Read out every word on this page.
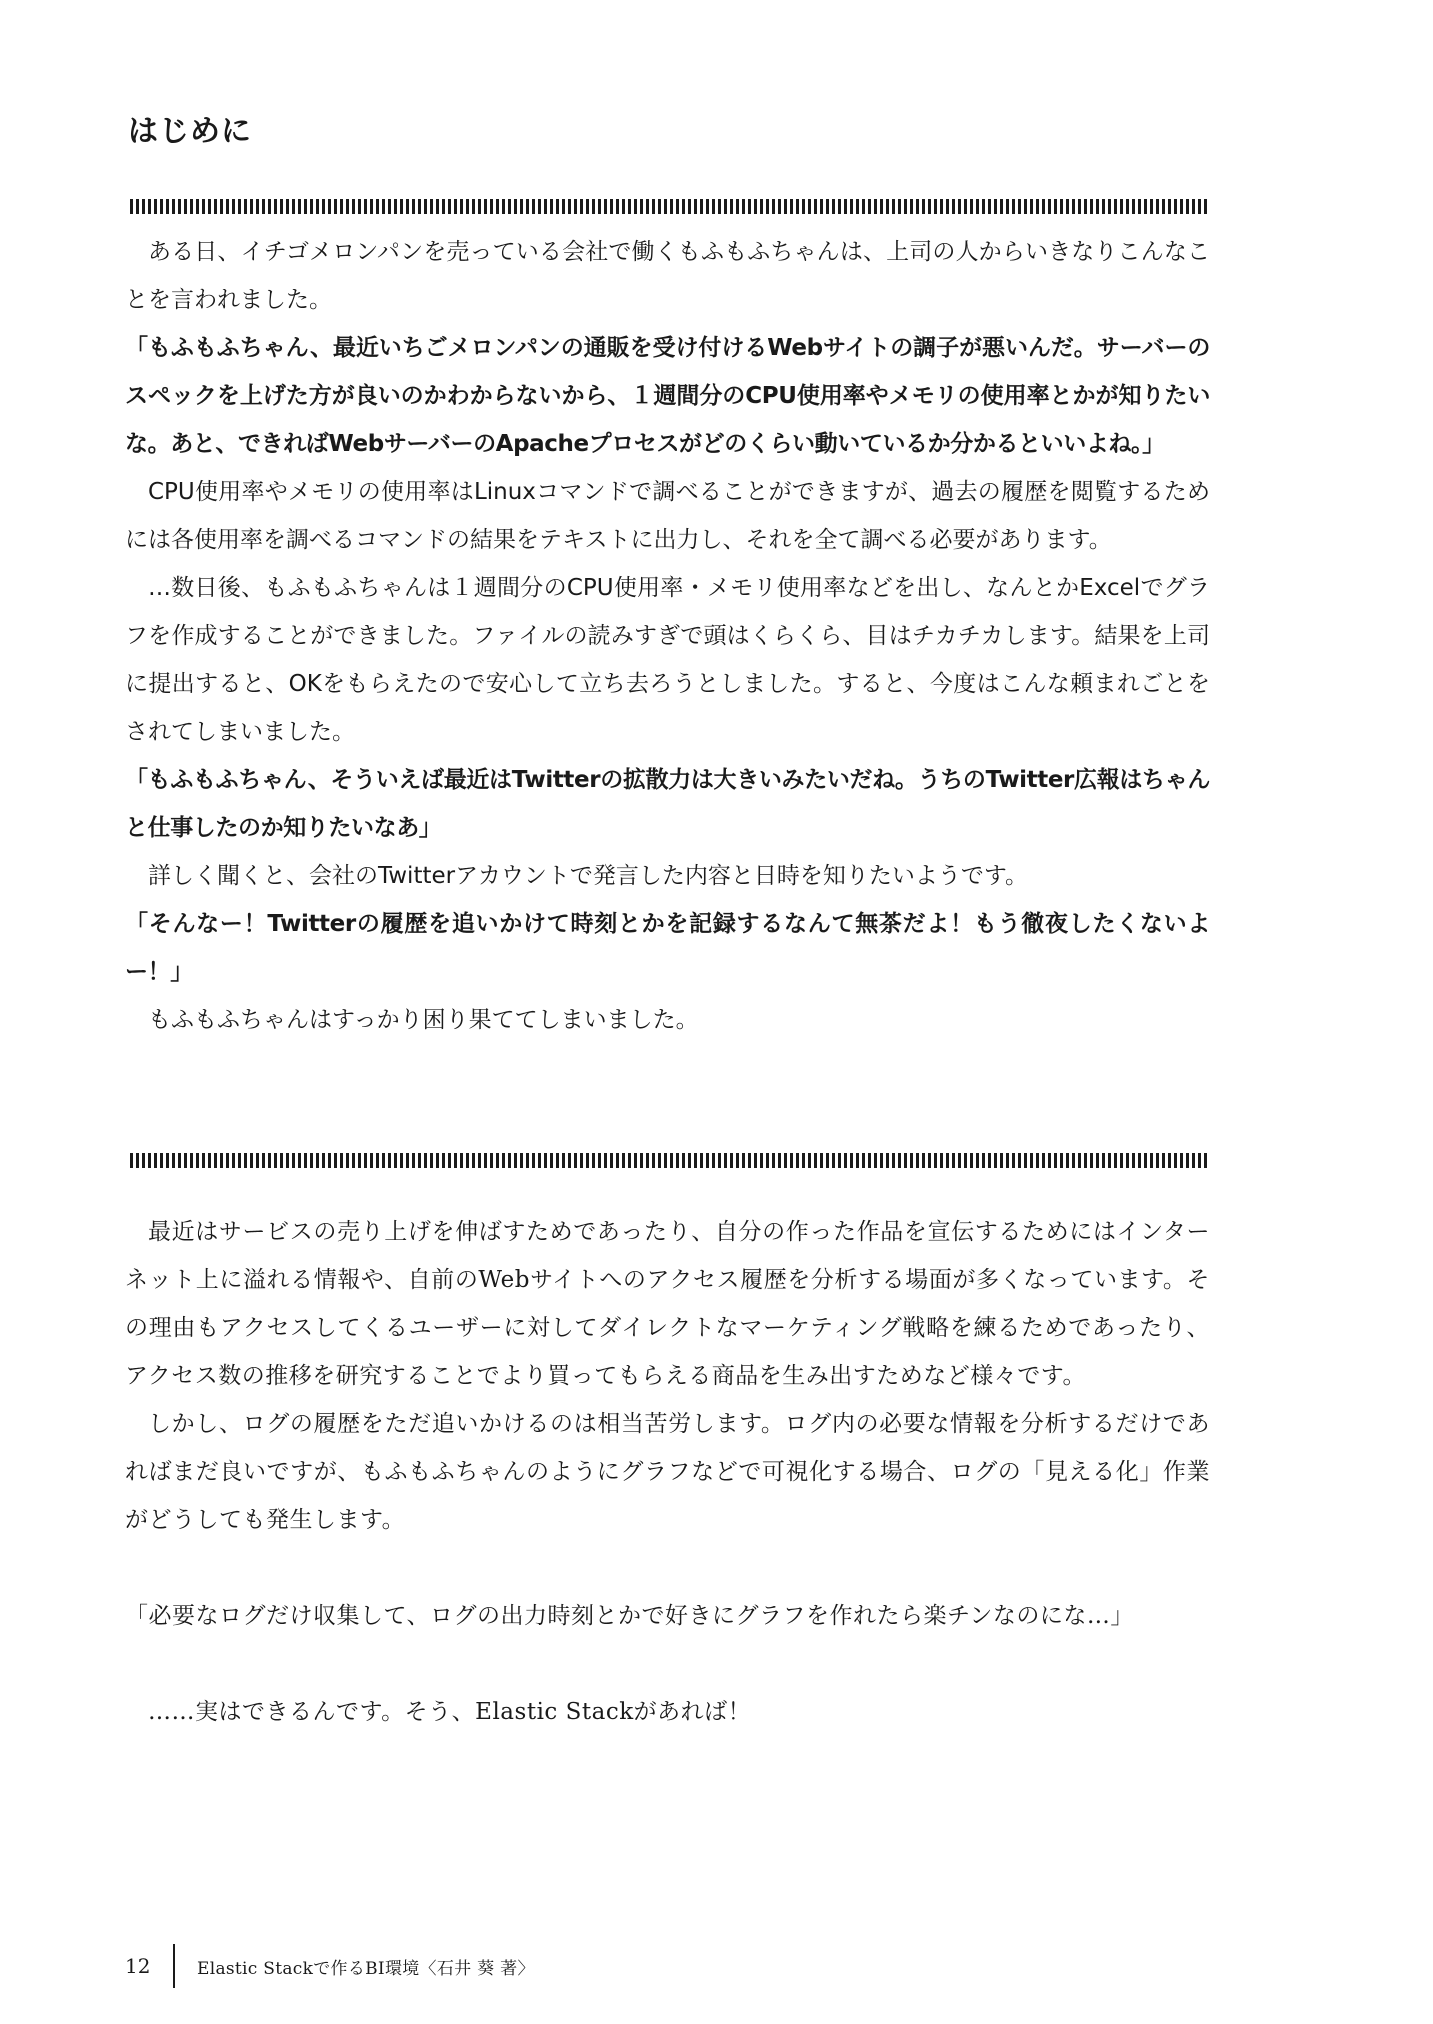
はじめに

ある日、イチゴメロンパンを売っている会社で働くもふもふちゃんは、上司の人からいきなりこんなことを言われました。

「もふもふちゃん、最近いちごメロンパンの通販を受け付けるWebサイトの調子が悪いんだ。サーバーのスペックを上げた方が良いのかわからないから、１週間分のCPU使用率やメモリの使用率とかが知りたいな。あと、できればWebサーバーのApacheプロセスがどのくらい動いているか分かるといいよね。」

CPU使用率やメモリの使用率はLinuxコマンドで調べることができますが、過去の履歴を閲覧するためには各使用率を調べるコマンドの結果をテキストに出力し、それを全て調べる必要があります。

…数日後、もふもふちゃんは１週間分のCPU使用率・メモリ使用率などを出し、なんとかExcelでグラフを作成することができました。ファイルの読みすぎで頭はくらくら、目はチカチカします。結果を上司に提出すると、OKをもらえたので安心して立ち去ろうとしました。すると、今度はこんな頼まれごとをされてしまいました。

「もふもふちゃん、そういえば最近はTwitterの拡散力は大きいみたいだね。うちのTwitter広報はちゃんと仕事したのか知りたいなあ」

詳しく聞くと、会社のTwitterアカウントで発言した内容と日時を知りたいようです。

「そんなー！Twitterの履歴を追いかけて時刻とかを記録するなんて無茶だよ！もう徹夜したくないよー！」

もふもふちゃんはすっかり困り果ててしまいました。

最近はサービスの売り上げを伸ばすためであったり、自分の作った作品を宣伝するためにはインターネット上に溢れる情報や、自前のWebサイトへのアクセス履歴を分析する場面が多くなっています。その理由もアクセスしてくるユーザーに対してダイレクトなマーケティング戦略を練るためであったり、アクセス数の推移を研究することでより買ってもらえる商品を生み出すためなど様々です。

しかし、ログの履歴をただ追いかけるのは相当苦労します。ログ内の必要な情報を分析するだけであればまだ良いですが、もふもふちゃんのようにグラフなどで可視化する場合、ログの「見える化」作業がどうしても発生します。

「必要なログだけ収集して、ログの出力時刻とかで好きにグラフを作れたら楽チンなのにな…」

……実はできるんです。そう、Elastic Stackがあれば！

12	Elastic Stackで作るBI環境〈石井 葵 著〉
